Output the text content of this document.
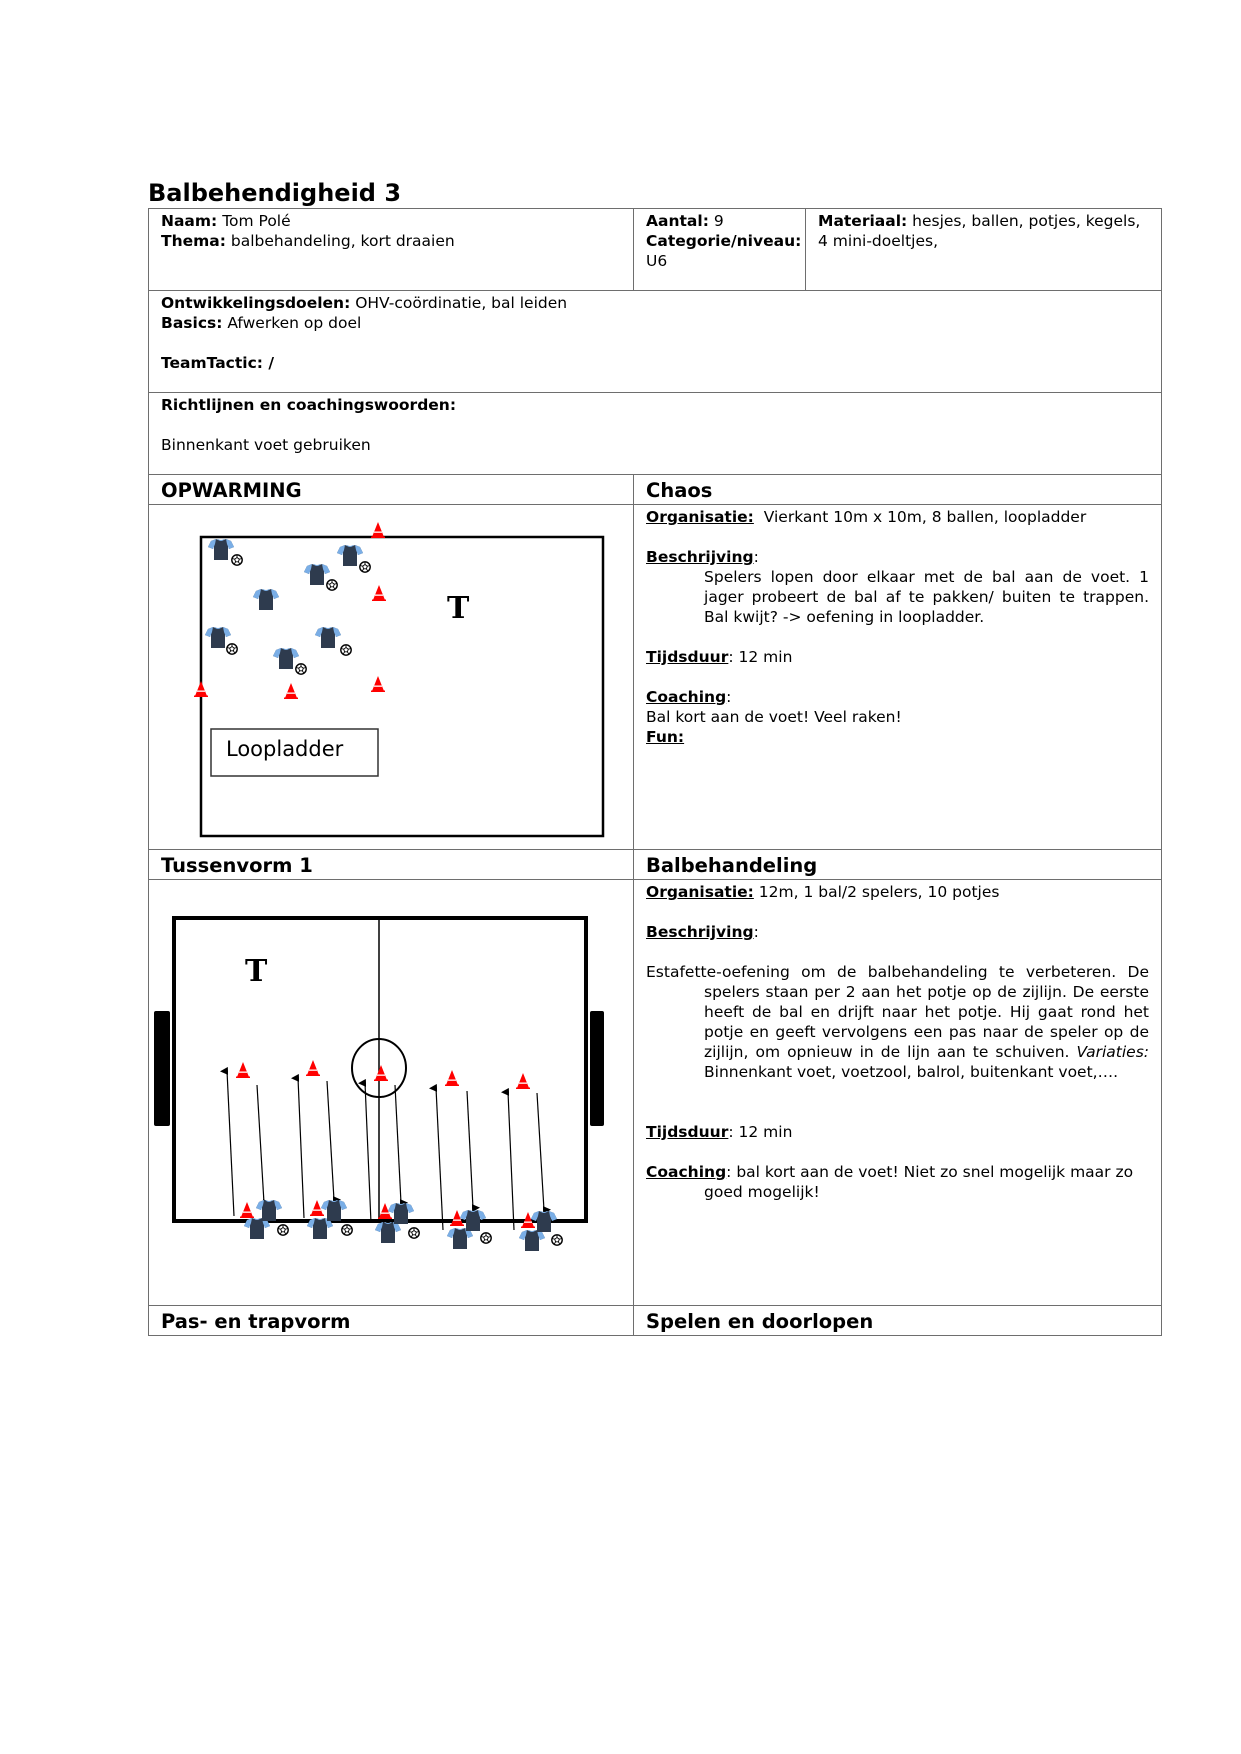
Balbehendigheid 3
Naam: Tom Polé
Thema: balbehandeling, kort draaien

Aantal: 9
Categorie/niveau:
U6
	Materiaal: hesjes, ballen, potjes, kegels, 4 mini-doeltjes,

Ontwikkelingsdoelen: OHV-coördinatie, bal leiden
Basics: Afwerken op doel
TeamTactic: /		

Richtlijnen en coachingswoorden:
Binnenkant voet gebruiken		

OPWARMING	Chaos	

Loopladder
T

Organisatie: Vierkant 10m x 10m, 8 ballen, loopladder
Beschrijving:
Spelers lopen door elkaar met de bal aan de voet. 1 jager probeert de bal af te pakken/ buiten te trappen. Bal kwijt? -> oefening in loopladder.
Tijdsduur: 12 min
Coaching:
Bal kort aan de voet! Veel raken!
Fun:

Tussenvorm 1	Balbehandeling	

T	Organisatie: 12m, 1 bal/2 spelers, 10 potjes
Beschrijving:
Estafette-oefening om de balbehandeling te verbeteren. De spelers staan per 2 aan het potje op de zijlijn. De eerste heeft de bal en drijft naar het potje. Hij gaat rond het potje en geeft vervolgens een pas naar de speler op de zijlijn, om opnieuw in de lijn aan te schuiven. Variaties: Binnenkant voet, voetzool, balrol, buitenkant voet,….
Tijdsduur: 12 min
Coaching: bal kort aan de voet! Niet zo snel mogelijk maar zo goed mogelijk!	

Pas- en trapvorm	Spelen en doorlopen	
